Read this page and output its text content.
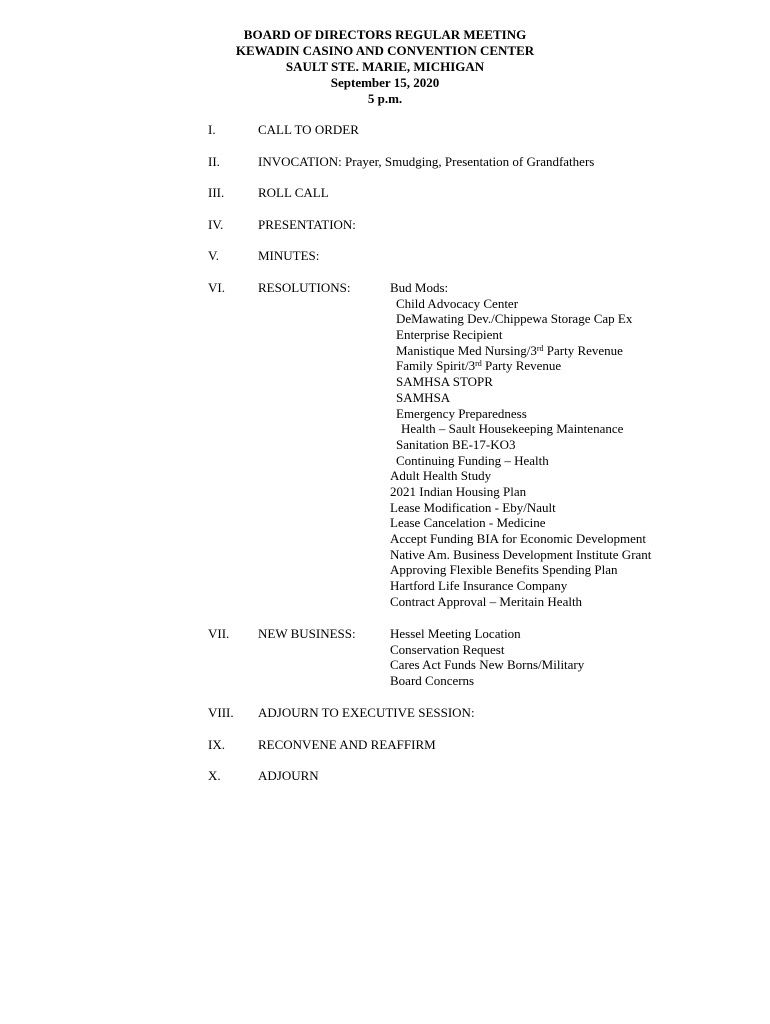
BOARD OF DIRECTORS REGULAR MEETING
KEWADIN CASINO AND CONVENTION CENTER
SAULT STE. MARIE, MICHIGAN
September 15, 2020
5 p.m.
I.	CALL TO ORDER
II.	INVOCATION: Prayer, Smudging, Presentation of Grandfathers
III.	ROLL CALL
IV.	PRESENTATION:
V.	MINUTES:
VI.	RESOLUTIONS:	Bud Mods:
Child Advocacy Center
DeMawating Dev./Chippewa Storage Cap Ex
Enterprise Recipient
Manistique Med Nursing/3rd Party Revenue
Family Spirit/3rd Party Revenue
SAMHSA STOPR
SAMHSA
Emergency Preparedness
Health – Sault Housekeeping Maintenance
Sanitation BE-17-KO3
Continuing Funding – Health
Adult Health Study
2021 Indian Housing Plan
Lease Modification - Eby/Nault
Lease Cancelation - Medicine
Accept Funding BIA for Economic Development
Native Am. Business Development Institute Grant
Approving Flexible Benefits Spending Plan
Hartford Life Insurance Company
Contract Approval – Meritain Health
VII. NEW BUSINESS:	Hessel Meeting Location
Conservation Request
Cares Act Funds New Borns/Military
Board Concerns
VIII. ADJOURN TO EXECUTIVE SESSION:
IX.	RECONVENE AND REAFFIRM
X.	ADJOURN
